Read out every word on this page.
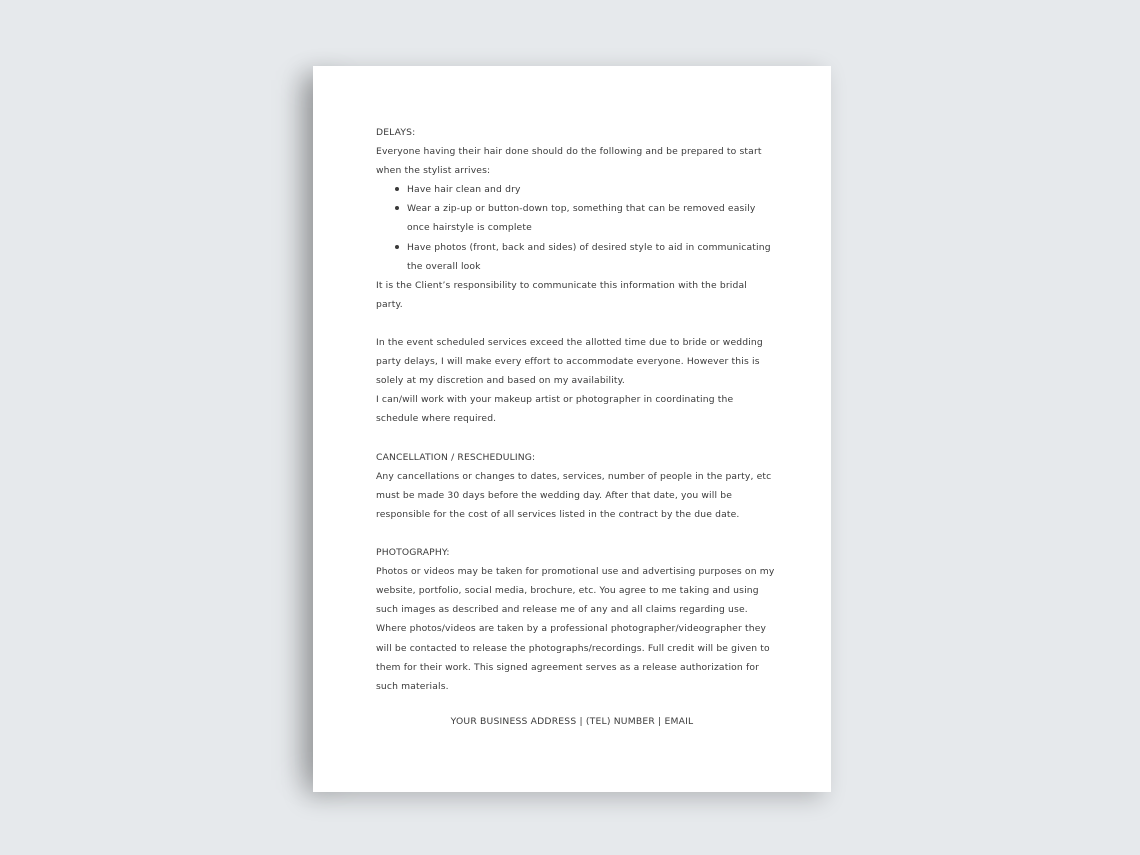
DELAYS:

Everyone having their hair done should do the following and be prepared to start when the stylist arrives:

Have hair clean and dry
Wear a zip-up or button-down top, something that can be removed easily once hairstyle is complete
Have photos (front, back and sides) of desired style to aid in communicating the overall look

It is the Client’s responsibility to communicate this information with the bridal party.

In the event scheduled services exceed the allotted time due to bride or wedding party delays, I will make every effort to accommodate everyone. However this is solely at my discretion and based on my availability.

I can/will work with your makeup artist or photographer in coordinating the schedule where required.

CANCELLATION / RESCHEDULING:

Any cancellations or changes to dates, services, number of people in the party, etc must be made 30 days before the wedding day. After that date, you will be responsible for the cost of all services listed in the contract by the due date.

PHOTOGRAPHY:

Photos or videos may be taken for promotional use and advertising purposes on my website, portfolio, social media, brochure, etc. You agree to me taking and using such images as described and release me of any and all claims regarding use.

Where photos/videos are taken by a professional photographer/videographer they will be contacted to release the photographs/recordings. Full credit will be given to them for their work. This signed agreement serves as a release authorization for such materials.

YOUR BUSINESS ADDRESS | (TEL) NUMBER | EMAIL
